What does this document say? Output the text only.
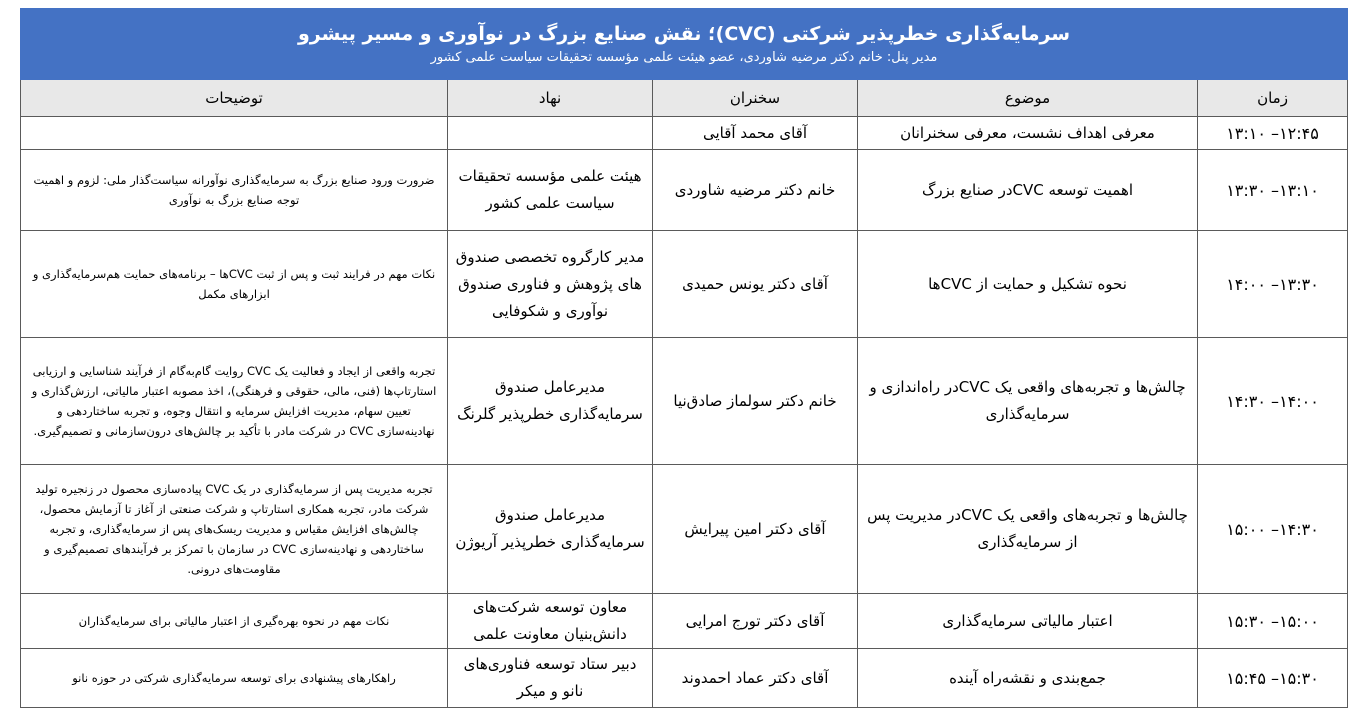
سرمایه‌گذاری خطرپذیر شرکتی (CVC)؛ نقش صنایع بزرگ در نوآوری و مسیر پیشرو
مدیر پنل: خانم دکتر مرضیه شاوردی، عضو هیئت علمی مؤسسه تحقیقات سیاست علمی کشور				

زمان	موضوع	سخنران	نهاد	توضیحات
۱۲:۴۵– ۱۳:۱۰	معرفی اهداف نشست، معرفی سخنرانان	آقای محمد آقایی		
۱۳:۱۰– ۱۳:۳۰	اهمیت توسعه CVCدر صنایع بزرگ	خانم دکتر مرضیه شاوردی	هیئت علمی مؤسسه تحقیقات سیاست علمی کشور	ضرورت ورود صنایع بزرگ به سرمایه‌گذاری نوآورانه سیاست‌گذار ملی: لزوم و اهمیت توجه صنایع بزرگ به نوآوری
۱۳:۳۰– ۱۴:۰۰	نحوه تشکیل و حمایت از CVCها	آقای دکتر یونس حمیدی	مدیر کارگروه تخصصی صندوق های پژوهش و فناوری صندوق نوآوری و شکوفایی	نکات مهم در فرایند ثبت و پس از ثبت CVCها – برنامه‌های حمایت هم‌سرمایه‌گذاری و ابزارهای مکمل
۱۴:۰۰– ۱۴:۳۰	چالش‌ها و تجربه‌های واقعی یک CVCدر راه‌اندازی و سرمایه‌گذاری	خانم دکتر سولماز صادق‌نیا	مدیرعامل صندوق سرمایه‌گذاری خطرپذیر گلرنگ	تجربه واقعی از ایجاد و فعالیت یک CVC روایت گام‌به‌گام از فرآیند شناسایی و ارزیابی استارتاپ‌ها (فنی، مالی، حقوقی و فرهنگی)، اخذ مصوبه اعتبار مالیاتی، ارزش‌گذاری و تعیین سهام، مدیریت افزایش سرمایه و انتقال وجوه، و تجربه ساختاردهی و نهادینه‌سازی CVC در شرکت مادر با تأکید بر چالش‌های درون‌سازمانی و تصمیم‌گیری.
۱۴:۳۰– ۱۵:۰۰	چالش‌ها و تجربه‌های واقعی یک CVCدر مدیریت پس از سرمایه‌گذاری	آقای دکتر امین پیرایش	مدیرعامل صندوق سرمایه‌گذاری خطرپذیر آریوژن	تجربه مدیریت پس از سرمایه‌گذاری در یک CVC پیاده‌سازی محصول در زنجیره تولید شرکت مادر، تجربه همکاری استارتاپ و شرکت صنعتی از آغاز تا آزمایش محصول، چالش‌های افزایش مقیاس و مدیریت ریسک‌های پس از سرمایه‌گذاری، و تجربه ساختاردهی و نهادینه‌سازی CVC در سازمان با تمرکز بر فرآیندهای تصمیم‌گیری و مقاومت‌های درونی.
۱۵:۰۰– ۱۵:۳۰	اعتبار مالیاتی سرمایه‌گذاری	آقای دکتر تورج امرایی	معاون توسعه شرکت‌های دانش‌بنیان معاونت علمی	نکات مهم در نحوه بهره‌گیری از اعتبار مالیاتی برای سرمایه‌گذاران
۱۵:۳۰– ۱۵:۴۵	جمع‌بندی و نقشه‌راه آینده	آقای دکتر عماد احمدوند	دبیر ستاد توسعه فناوری‌های نانو و میکر	راهکارهای پیشنهادی برای توسعه سرمایه‌گذاری شرکتی در حوزه نانو
